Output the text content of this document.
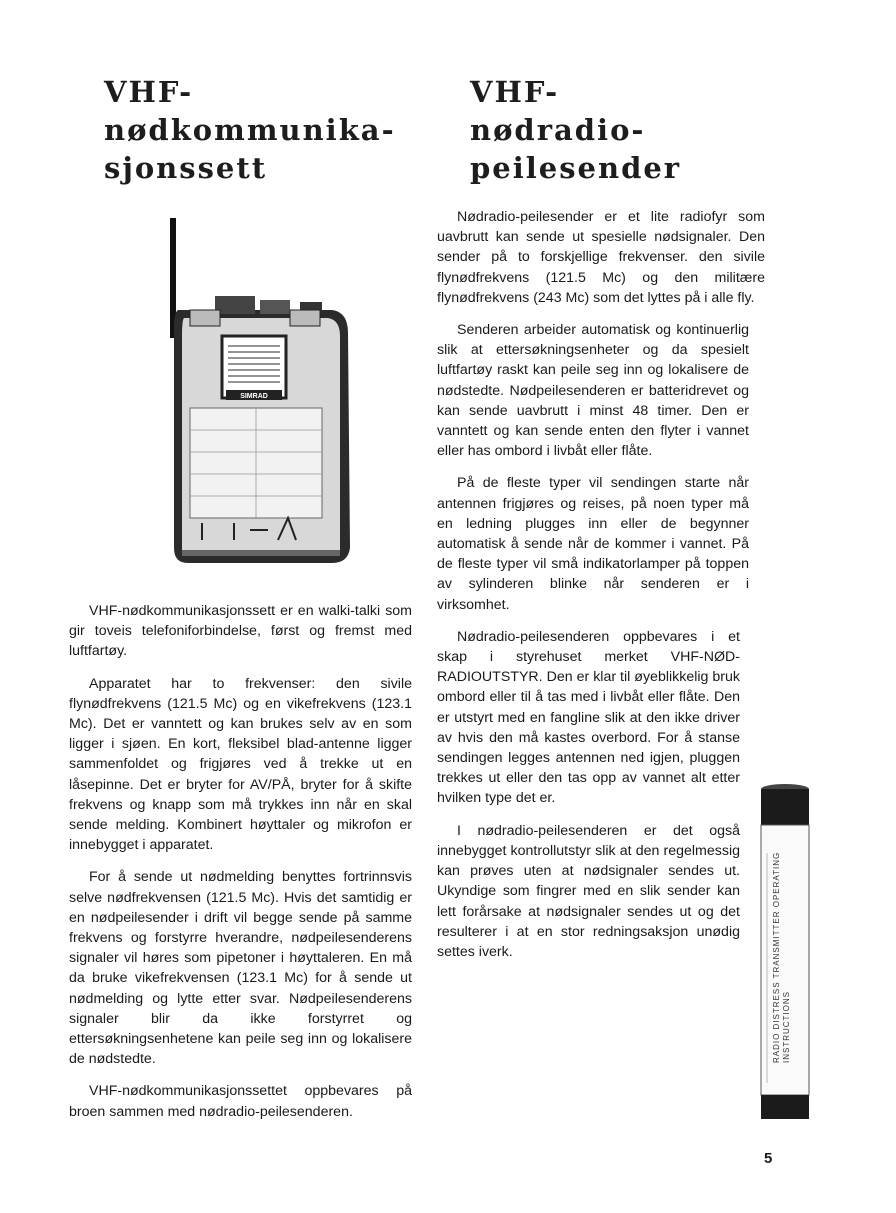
VHF-
nødkommunika-
sjonssett
VHF-
nødradio-
peilesender
SIMRAD
RADIO DISTRESS TRANSMITTER OPERATING INSTRUCTIONS

VHF-nødkommunikasjonssett er en walki-talki som gir toveis telefoniforbindelse, først og fremst med luftfartøy.

Apparatet har to frekvenser: den sivile flynødfrekvens (121.5 Mc) og en vikefrekvens (123.1 Mc). Det er vanntett og kan brukes selv av en som ligger i sjøen. En kort, fleksibel blad-antenne ligger sammenfoldet og frigjøres ved å trekke ut en låsepinne. Det er bryter for AV/PÅ, bryter for å skifte frekvens og knapp som må trykkes inn når en skal sende melding. Kombinert høyttaler og mikrofon er innebygget i apparatet.

For å sende ut nødmelding benyttes fortrinnsvis selve nødfrekvensen (121.5 Mc). Hvis det samtidig er en nødpeilesender i drift vil begge sende på samme frekvens og forstyrre hverandre, nødpeilesenderens signaler vil høres som pipetoner i høyttaleren. En må da bruke vikefrekvensen (123.1 Mc) for å sende ut nødmelding og lytte etter svar. Nødpeilesenderens signaler blir da ikke forstyrret og ettersøkningsenhetene kan peile seg inn og lokalisere de nødstedte.

VHF-nødkommunikasjonssettet oppbevares på broen sammen med nødradio-peilesenderen.

Nødradio-peilesender er et lite radiofyr som uavbrutt kan sende ut spesielle nødsignaler. Den sender på to forskjellige frekvenser. den sivile flynødfrekvens (121.5 Mc) og den militære flynødfrekvens (243 Mc) som det lyttes på i alle fly.

Senderen arbeider automatisk og kontinuerlig slik at ettersøkningsenheter og da spesielt luftfartøy raskt kan peile seg inn og lokalisere de nødstedte. Nødpeilesenderen er batteridrevet og kan sende uavbrutt i minst 48 timer. Den er vanntett og kan sende enten den flyter i vannet eller has ombord i livbåt eller flåte.

På de fleste typer vil sendingen starte når antennen frigjøres og reises, på noen typer må en ledning plugges inn eller de begynner automatisk å sende når de kommer i vannet. På de fleste typer vil små indikatorlamper på toppen av sylinderen blinke når senderen er i virksomhet.

Nødradio-peilesenderen oppbevares i et skap i styrehuset merket VHF-NØD-RADIOUTSTYR. Den er klar til øyeblikkelig bruk ombord eller til å tas med i livbåt eller flåte. Den er utstyrt med en fangline slik at den ikke driver av hvis den må kastes overbord. For å stanse sendingen legges antennen ned igjen, pluggen trekkes ut eller den tas opp av vannet alt etter hvilken type det er.

I nødradio-peilesenderen er det også innebygget kontrollutstyr slik at den regelmessig kan prøves uten at nødsignaler sendes ut. Ukyndige som fingrer med en slik sender kan lett forårsake at nødsignaler sendes ut og det resulterer i at en stor redningsaksjon unødig settes iverk.

5
